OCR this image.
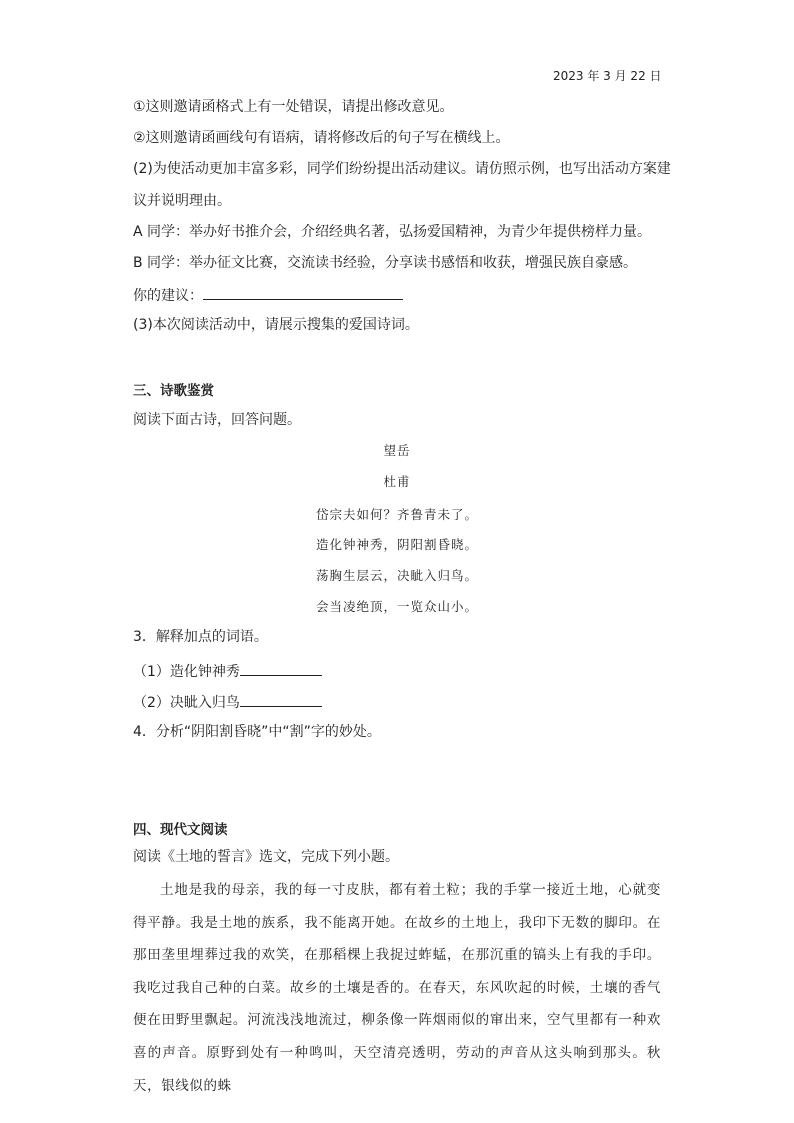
2023 年 3 月 22 日
①这则邀请函格式上有一处错误，请提出修改意见。
②这则邀请函画线句有语病，请将修改后的句子写在横线上。
(2)为使活动更加丰富多彩，同学们纷纷提出活动建议。请仿照示例，也写出活动方案建
议并说明理由。
A 同学：举办好书推介会，介绍经典名著，弘扬爱国精神，为青少年提供榜样力量。
B 同学：举办征文比赛，交流读书经验，分享读书感悟和收获，增强民族自豪感。
你的建议：
(3)本次阅读活动中，请展示搜集的爱国诗词。
三、诗歌鉴赏
阅读下面古诗，回答问题。
望岳
杜甫
岱宗夫如何？齐鲁青未了。
造化钟神秀，阴阳割昏晓。
荡胸生层云，决眦入归鸟。
会当凌绝顶，一览众山小。
3．解释加点的词语。
（1）造化钟神秀
（2）决眦入归鸟
4．分析“阴阳割昏晓”中“割”字的妙处。
四、现代文阅读
阅读《土地的誓言》选文，完成下列小题。

土地是我的母亲，我的每一寸皮肤，都有着土粒；我的手掌一接近土地，心就变得平静。我是土地的族系，我不能离开她。在故乡的土地上，我印下无数的脚印。在那田垄里埋葬过我的欢笑，在那稻棵上我捉过蚱蜢，在那沉重的镐头上有我的手印。我吃过我自己种的白菜。故乡的土壤是香的。在春天，东风吹起的时候，土壤的香气便在田野里飘起。河流浅浅地流过，柳条像一阵烟雨似的窜出来，空气里都有一种欢喜的声音。原野到处有一种鸣叫，天空清亮透明，劳动的声音从这头响到那头。秋天，银线似的蛛
